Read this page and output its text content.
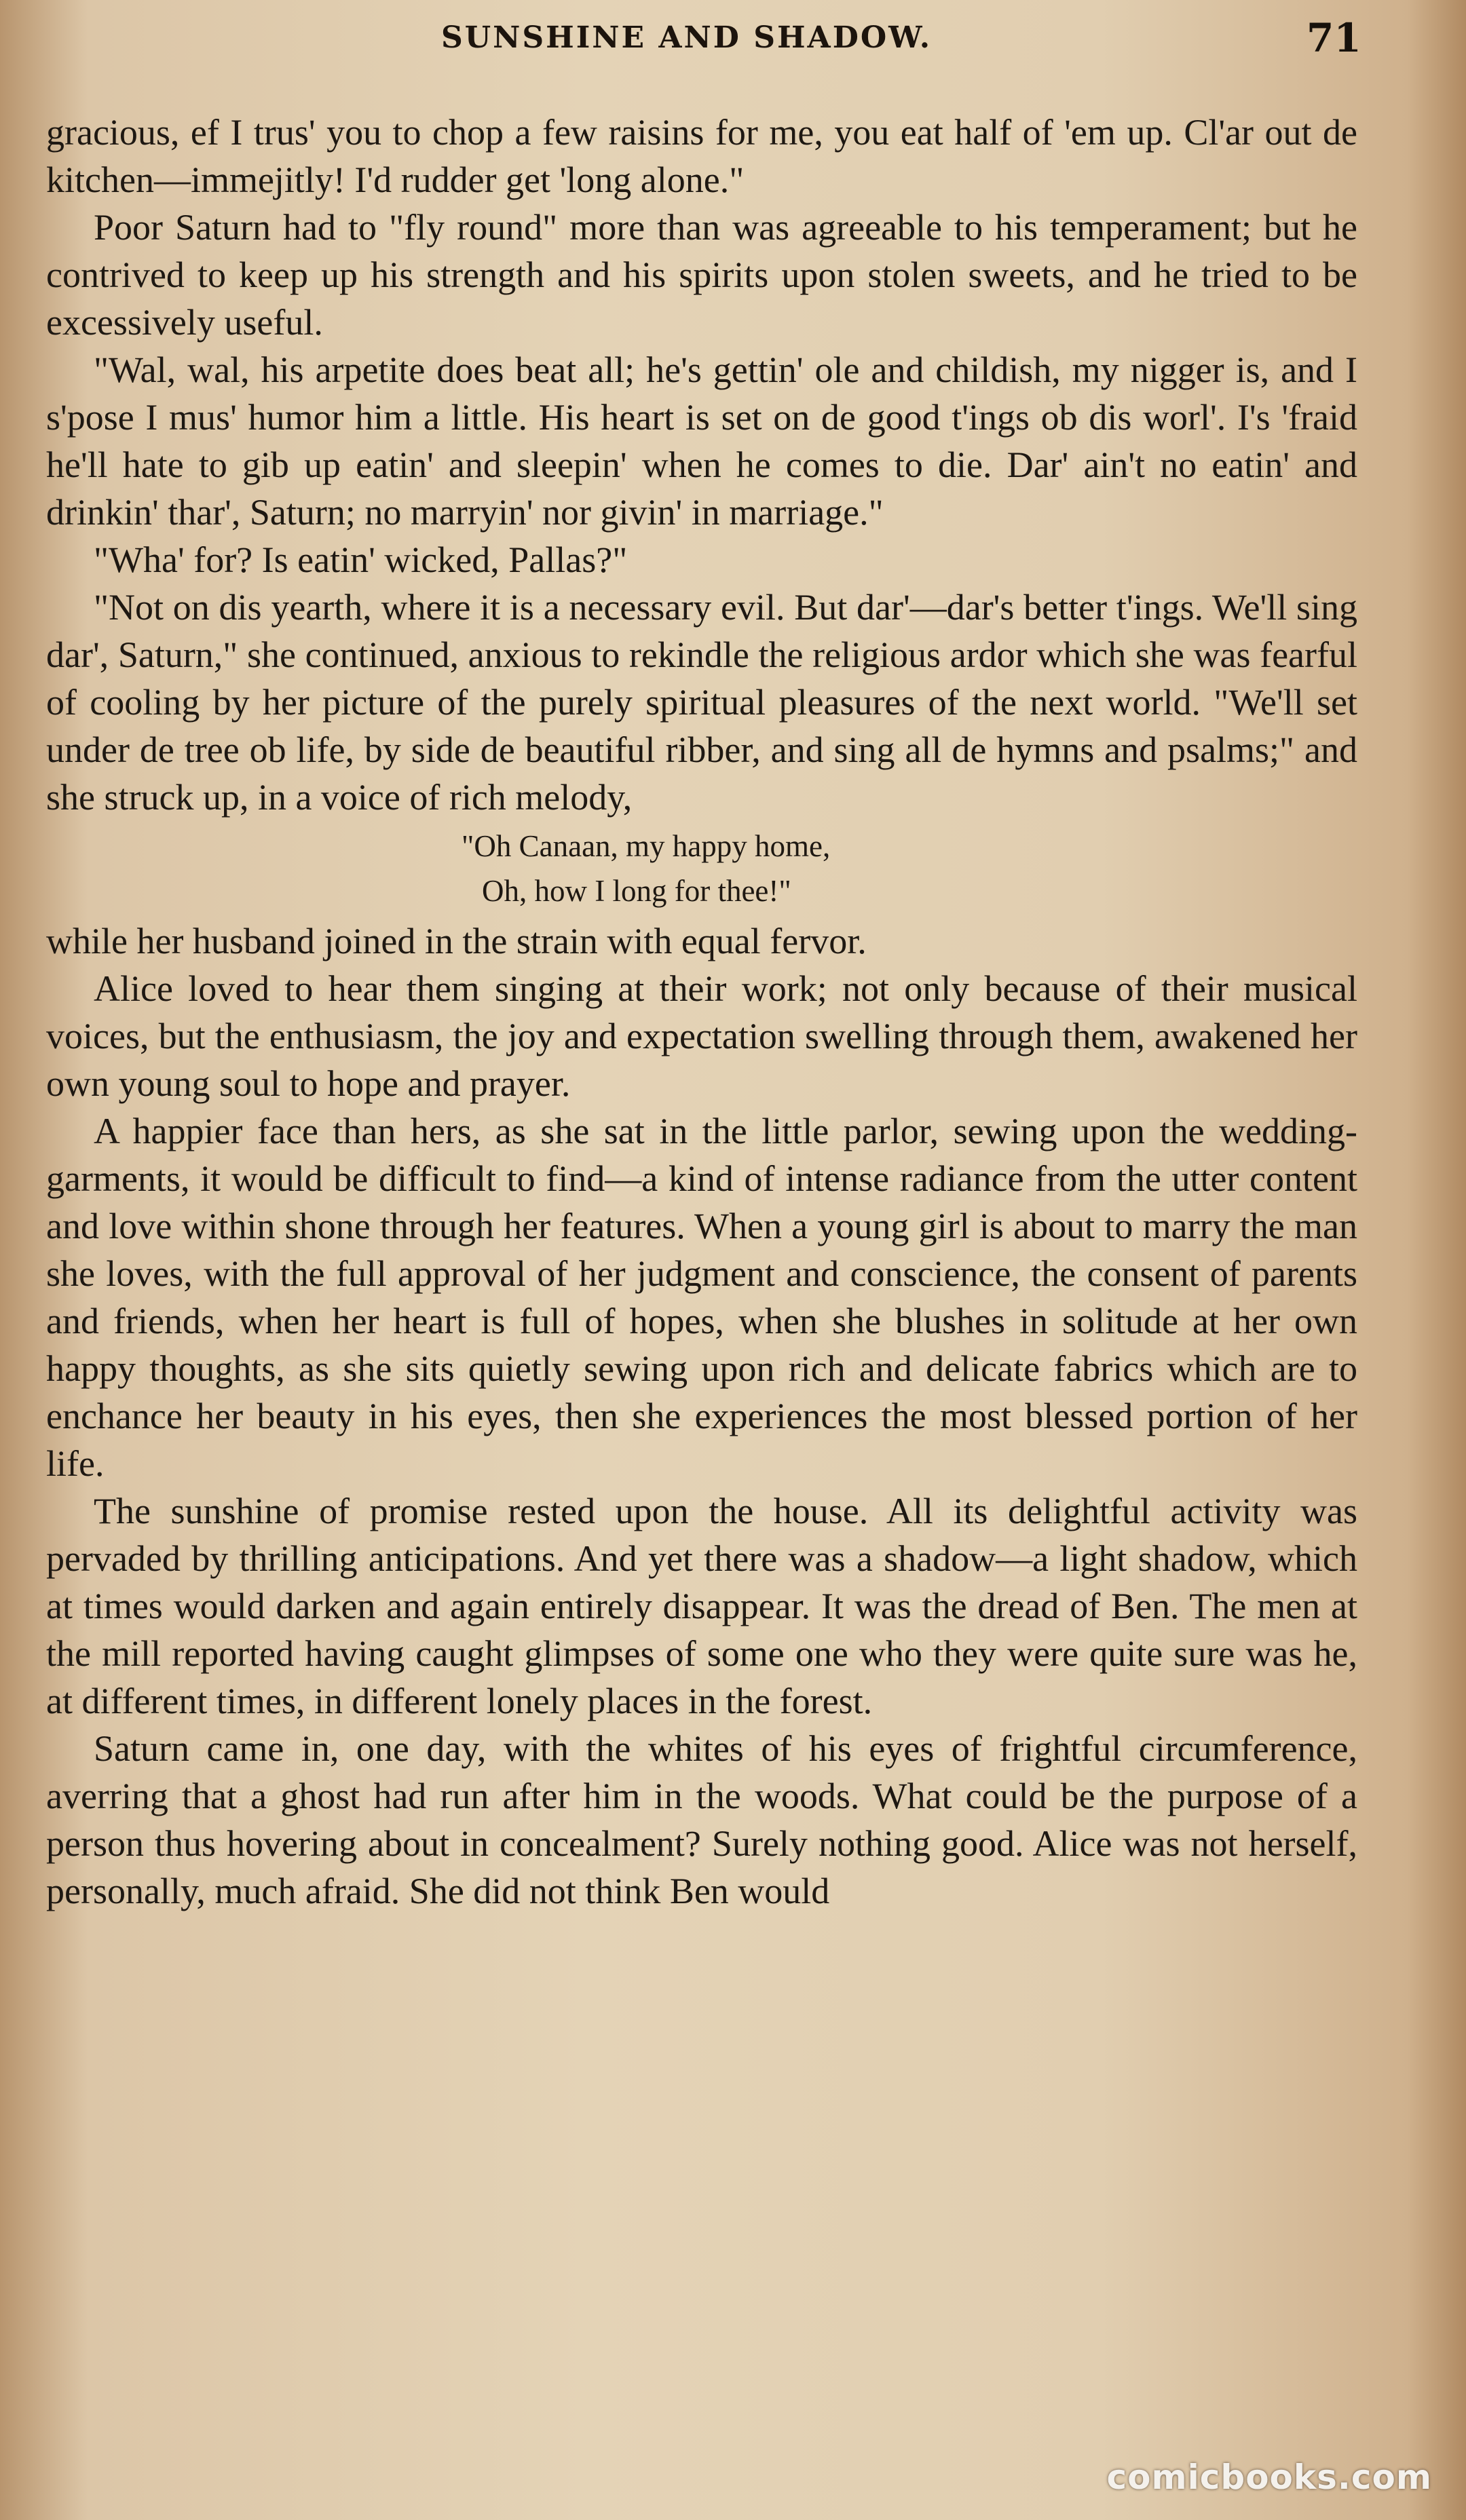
SUNSHINE AND SHADOW.	71

gracious, ef I trus' you to chop a few raisins for me, you eat half of 'em up. Cl'ar out de kitchen—immejitly! I'd rudder get 'long alone."

Poor Saturn had to "fly round" more than was agreeable to his temperament; but he contrived to keep up his strength and his spirits upon stolen sweets, and he tried to be excessively useful.

"Wal, wal, his arpetite does beat all; he's gettin' ole and childish, my nigger is, and I s'pose I mus' humor him a little. His heart is set on de good t'ings ob dis worl'. I's 'fraid he'll hate to gib up eatin' and sleepin' when he comes to die. Dar' ain't no eatin' and drinkin' thar', Saturn; no marryin' nor givin' in marriage."

"Wha' for? Is eatin' wicked, Pallas?"

"Not on dis yearth, where it is a necessary evil. But dar'—dar's better t'ings. We'll sing dar', Saturn," she continued, anxious to rekindle the religious ardor which she was fearful of cooling by her picture of the purely spiritual pleasures of the next world. "We'll set under de tree ob life, by side de beautiful ribber, and sing all de hymns and psalms;" and she struck up, in a voice of rich melody,

"Oh Canaan, my happy home,
Oh, how I long for thee!"

while her husband joined in the strain with equal fervor.

Alice loved to hear them singing at their work; not only because of their musical voices, but the enthusiasm, the joy and expectation swelling through them, awakened her own young soul to hope and prayer.

A happier face than hers, as she sat in the little parlor, sewing upon the wedding-garments, it would be difficult to find—a kind of intense radiance from the utter content and love within shone through her features. When a young girl is about to marry the man she loves, with the full approval of her judgment and conscience, the consent of parents and friends, when her heart is full of hopes, when she blushes in solitude at her own happy thoughts, as she sits quietly sewing upon rich and delicate fabrics which are to enchance her beauty in his eyes, then she experiences the most blessed portion of her life.

The sunshine of promise rested upon the house. All its delightful activity was pervaded by thrilling anticipations. And yet there was a shadow—a light shadow, which at times would darken and again entirely disappear. It was the dread of Ben. The men at the mill reported having caught glimpses of some one who they were quite sure was he, at different times, in different lonely places in the forest.

Saturn came in, one day, with the whites of his eyes of frightful circumference, averring that a ghost had run after him in the woods. What could be the purpose of a person thus hovering about in concealment? Surely nothing good. Alice was not herself, personally, much afraid. She did not think Ben would

comicbooks.com
